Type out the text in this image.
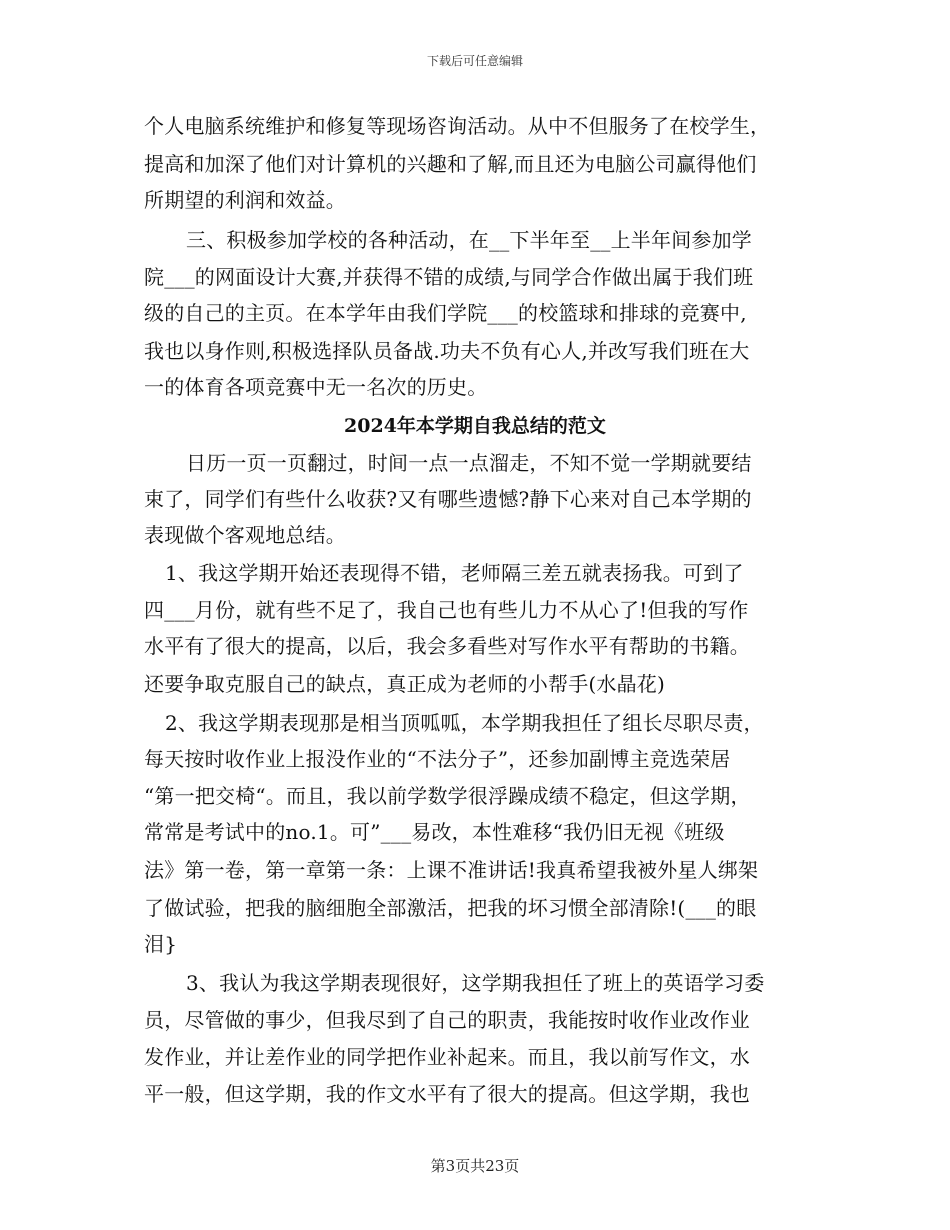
下载后可任意编辑
个人电脑系统维护和修复等现场咨询活动。从中不但服务了在校学生，
提高和加深了他们对计算机的兴趣和了解,而且还为电脑公司赢得他们
所期望的利润和效益。
三、积极参加学校的各种活动，在__下半年至__上半年间参加学
院___的网面设计大赛,并获得不错的成绩,与同学合作做出属于我们班
级的自己的主页。在本学年由我们学院___的校篮球和排球的竞赛中,
我也以身作则,积极选择队员备战.功夫不负有心人,并改写我们班在大
一的体育各项竞赛中无一名次的历史。
2024年本学期自我总结的范文
日历一页一页翻过，时间一点一点溜走，不知不觉一学期就要结
束了，同学们有些什么收获?又有哪些遗憾?静下心来对自己本学期的
表现做个客观地总结。
1、我这学期开始还表现得不错，老师隔三差五就表扬我。可到了
四___月份，就有些不足了，我自己也有些儿力不从心了!但我的写作
水平有了很大的提高，以后，我会多看些对写作水平有帮助的书籍。
还要争取克服自己的缺点，真正成为老师的小帮手(水晶花)
2、我这学期表现那是相当顶呱呱，本学期我担任了组长尽职尽责，
每天按时收作业上报没作业的“不法分子”，还参加副博主竞选荣居
“第一把交椅“。而且，我以前学数学很浮躁成绩不稳定，但这学期，
常常是考试中的no.1。可”___易改，本性难移“我仍旧无视《班级
法》第一卷，第一章第一条：上课不准讲话!我真希望我被外星人绑架
了做试验，把我的脑细胞全部激活，把我的坏习惯全部清除!(___的眼
泪}
3、我认为我这学期表现很好，这学期我担任了班上的英语学习委
员，尽管做的事少，但我尽到了自己的职责，我能按时收作业改作业
发作业，并让差作业的同学把作业补起来。而且，我以前写作文，水
平一般，但这学期，我的作文水平有了很大的提高。但这学期，我也
第3页共23页
